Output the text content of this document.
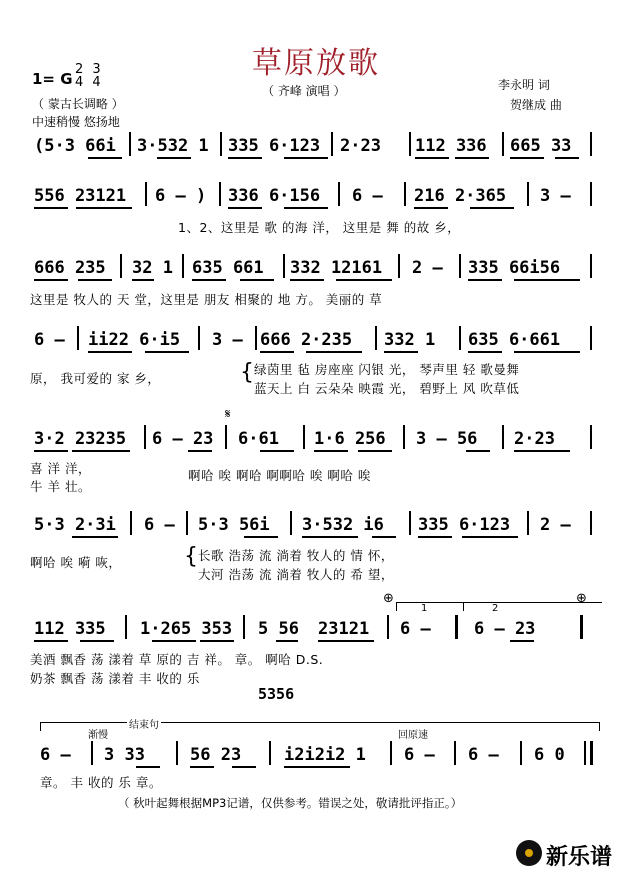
草原放歌
（ 齐峰 演唱 ）
1= G
2
4 3
4
（ 蒙古长调略 ）
中速稍慢 悠扬地
李永明 词
贺继成 曲
(5·3 66i 3·532 1 335 6·123 2·23 112 336 665 33
556 23121 6 – ) 336 6·156 6 – 216 2·365 3 –
1、2、这里是 歌 的海 洋， 这里是 舞 的故 乡，
666 235 32 1 635 661 332 12161 2 – 335 66i56
这里是 牧人的 天 堂，这里是 朋友 相聚的 地 方。 美丽的 草
6 – ii22 6·i5 3 – 666 2·235 332 1 635 6·661
原， 我可爱的 家 乡，
绿茵里 毡 房座座 闪银 光， 琴声里 轻 歌曼舞
蓝天上 白 云朵朵 映霞 光， 碧野上 风 吹草低
{
3·2 23235 6 – 23 6·61
𝄋
1·6 256 3 – 56 2·23
喜 洋 洋，
牛 羊 壮。
啊哈 唉 啊哈 啊啊哈 唉 啊哈 唉
5·3 2·3i 6 – 5·3 56i 3·532 i6 335 6·123 2 –
啊哈 唉 嗬 咴，	长歌 浩荡 流 淌着 牧人的 情 怀，
大河 浩荡 流 淌着 牧人的 希 望，
{
112 335 1·265 353 5 56 23121
⊕
6 –	6 – 23
⊕
1	2
美酒 飘香 荡 漾着 草 原的 吉 祥。 章。 啊哈 D.S.
奶茶 飘香 荡 漾着 丰 收的 乐
5356
渐慢
结束句
回原速
6 – 3 33	56 23	i2i2i2 1 6 – 6 – 6 0
章。 丰 收的 乐 章。
（ 秋叶起舞根据MP3记谱，仅供参考。错误之处，敬请批评指正。）
新乐谱
